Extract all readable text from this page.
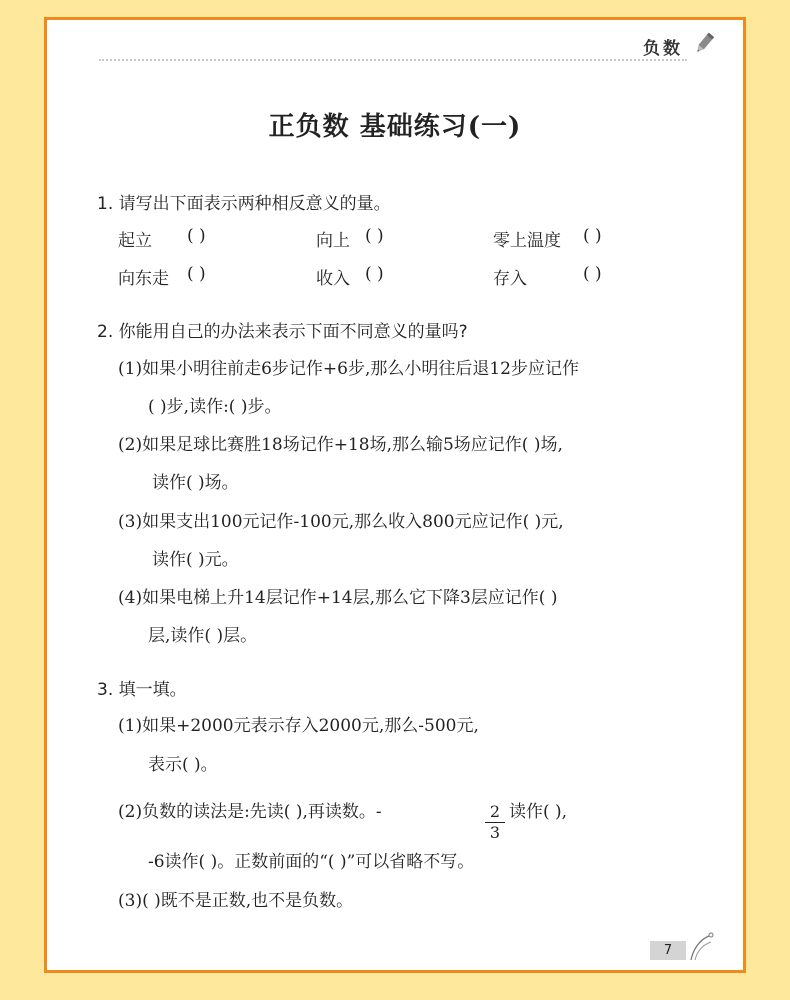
负数
正负数 基础练习(一)
1. 请写出下面表示两种相反意义的量。
起立 ( )	向上 ( )	零上温度 ( )
向东走 ( )	收入 ( )	存入	( )
2. 你能用自己的办法来表示下面不同意义的量吗?
(1)如果小明往前走6步记作+6步,那么小明往后退12步应记作
( )步,读作:( )步。
(2)如果足球比赛胜18场记作+18场,那么输5场应记作( )场,
读作( )场。
(3)如果支出100元记作-100元,那么收入800元应记作( )元,
读作( )元。
(4)如果电梯上升14层记作+14层,那么它下降3层应记作( )
层,读作( )层。
3. 填一填。
(1)如果+2000元表示存入2000元,那么-500元,
表示( )。
(2)负数的读法是:先读( ),再读数。-	2
3
读作( ),
-6读作( )。正数前面的“( )”可以省略不写。
(3)( )既不是正数,也不是负数。
7
